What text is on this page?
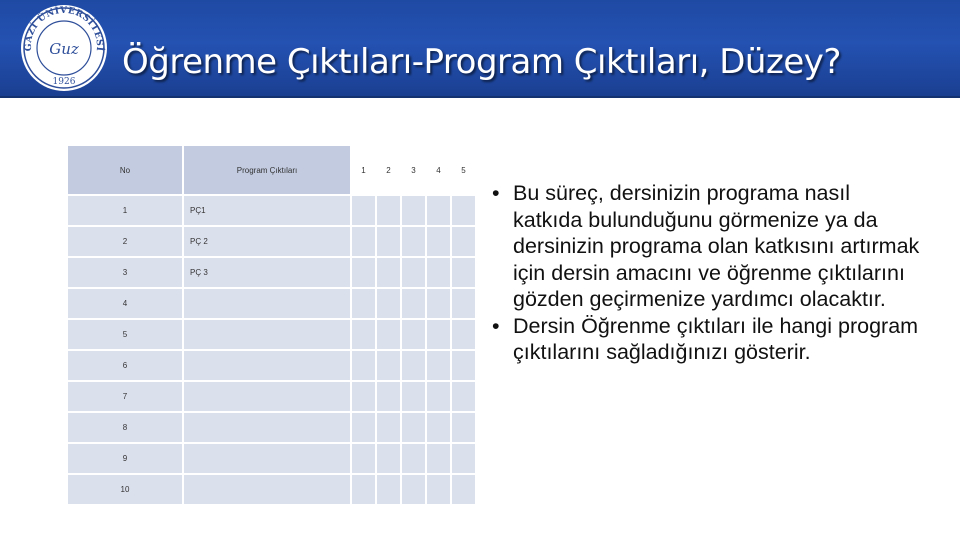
GAZİ ÜNİVERSİTESİ
Guz
1926 Öğrenme Çıktıları-Program Çıktıları, Düzey?
No	Program Çıktıları	1	2	3	4	5
1	PÇ1					
2	PÇ 2					
3	PÇ 3					
4						
5						
6						
7						
8						
9						
10						
• Bu süreç, dersinizin programa nasıl katkıda bulunduğunu görmenize ya da dersinizin programa olan katkısını artırmak için dersin amacını ve öğrenme çıktılarını gözden geçirmenize yardımcı olacaktır.
• Dersin Öğrenme çıktıları ile hangi program çıktılarını sağladığınızı gösterir.
